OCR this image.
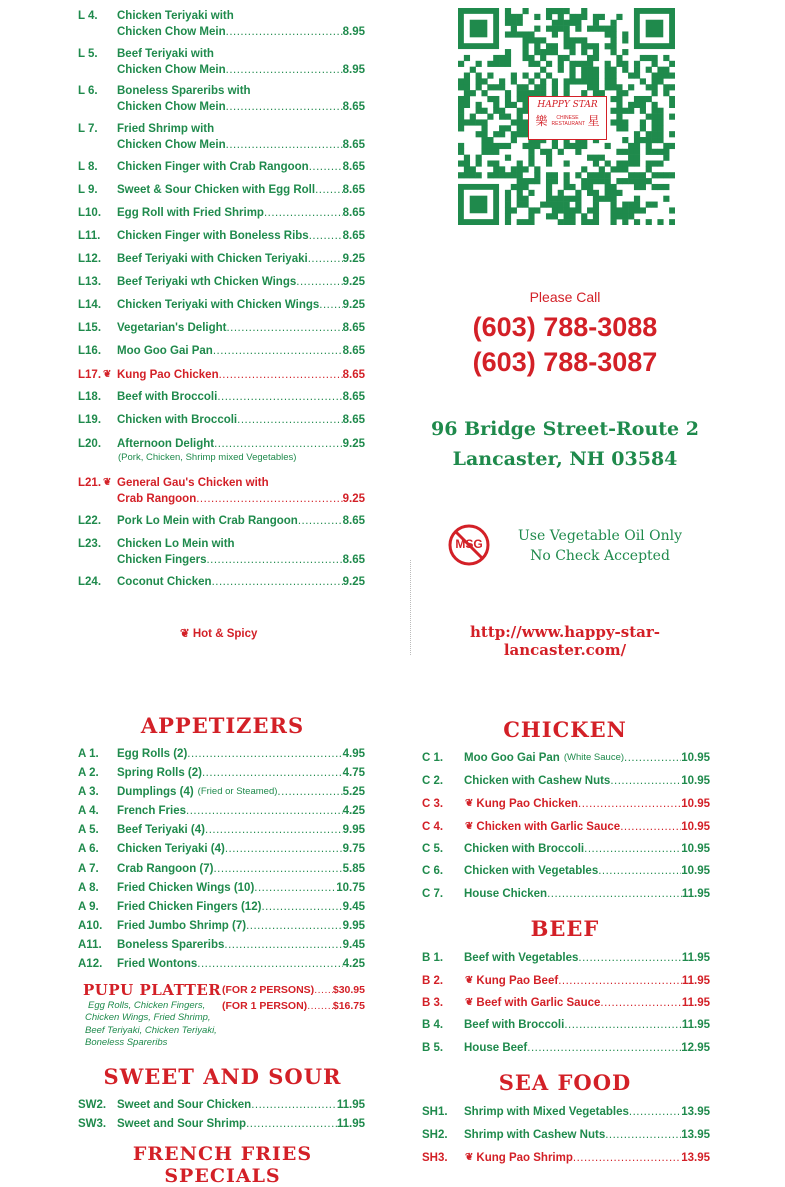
L 4. Chicken Teriyaki with
Chicken Chow Mein .....	8.95
L 5. Beef Teriyaki with
Chicken Chow Mein .....	8.95
L 6. Boneless Spareribs with
Chicken Chow Mein .....	8.65
L 7. Fried Shrimp with
Chicken Chow Mein .....	8.65
L 8. Chicken Finger with Crab Rangoon .....	8.65
L 9. Sweet & Sour Chicken with Egg Roll ..... 8.65
L10. Egg Roll with Fried Shrimp .....	8.65
L11. Chicken Finger with Boneless Ribs .....	8.65
L12. Beef Teriyaki with Chicken Teriyaki .....	9.25
L13. Beef Teriyaki wth Chicken Wings .....	9.25
L14. Chicken Teriyaki with Chicken Wings ..... 9.25
L15. Vegetarian's Delight .....	8.65
L16. Moo Goo Gai Pan .....	8.65
L17. ❦ Kung Pao Chicken .....	8.65
L18. Beef with Broccoli .....	8.65
L19. Chicken with Broccoli .....	8.65
L20. Afternoon Delight .....	9.25
(Pork, Chicken, Shrimp mixed Vegetables)
L21. ❦ General Gau's Chicken with
Crab Rangoon .....	9.25
L22. Pork Lo Mein with Crab Rangoon .....	8.65
L23. Chicken Lo Mein with
Chicken Fingers .....	8.65
L24. Coconut Chicken .....	9.25
❦ Hot & Spicy
HAPPY STAR
樂	CHINESE RESTAURANT 星
Please Call
(603) 788-3088
(603) 788-3087
96 Bridge Street-Route 2
Lancaster, NH 03584
MSG	Use Vegetable Oil Only
No Check Accepted
http://www.happy-star-lancaster.com/
APPETIZERS
A 1.	Egg Rolls (2) .....	4.95
A 2.	Spring Rolls (2) .....	4.75
A 3.	Dumplings (4) (Fried or Steamed) .....	5.25
A 4.	French Fries .....	4.25
A 5.	Beef Teriyaki (4) .....	9.95
A 6.	Chicken Teriyaki (4) .....	9.75
A 7.	Crab Rangoon (7) .....	5.85
A 8.	Fried Chicken Wings (10) .....	10.75
A 9.	Fried Chicken Fingers (12) .....	9.45
A10.	Fried Jumbo Shrimp (7) .....	9.95
A11.	Boneless Spareribs .....	9.45
A12.	Fried Wontons .....	4.25
PUPU PLATTER (FOR 2 PERSONS) ..... $30.95
(FOR 1 PERSON) ..... $16.75
Egg Rolls, Chicken Fingers,
Chicken Wings, Fried Shrimp,
Beef Teriyaki, Chicken Teriyaki,
Boneless Spareribs
SWEET AND SOUR
SW2. Sweet and Sour Chicken .....	11.95
SW3. Sweet and Sour Shrimp .....	11.95
FRENCH FRIES SPECIALS
CHICKEN
C 1.	Moo Goo Gai Pan (White Sauce) .....	10.95
C 2.	Chicken with Cashew Nuts .....	10.95
C 3.	❦ Kung Pao Chicken .....	10.95
C 4.	❦ Chicken with Garlic Sauce .....	10.95
C 5.	Chicken with Broccoli .....	10.95
C 6.	Chicken with Vegetables .....	10.95
C 7.	House Chicken .....	11.95
BEEF
B 1.	Beef with Vegetables .....	11.95
B 2.	❦ Kung Pao Beef .....	11.95
B 3.	❦ Beef with Garlic Sauce .....	11.95
B 4.	Beef with Broccoli .....	11.95
B 5.	House Beef .....	12.95
SEA FOOD
SH1.	Shrimp with Mixed Vegetables .....	13.95
SH2.	Shrimp with Cashew Nuts .....	13.95
SH3.	❦ Kung Pao Shrimp .....	13.95
